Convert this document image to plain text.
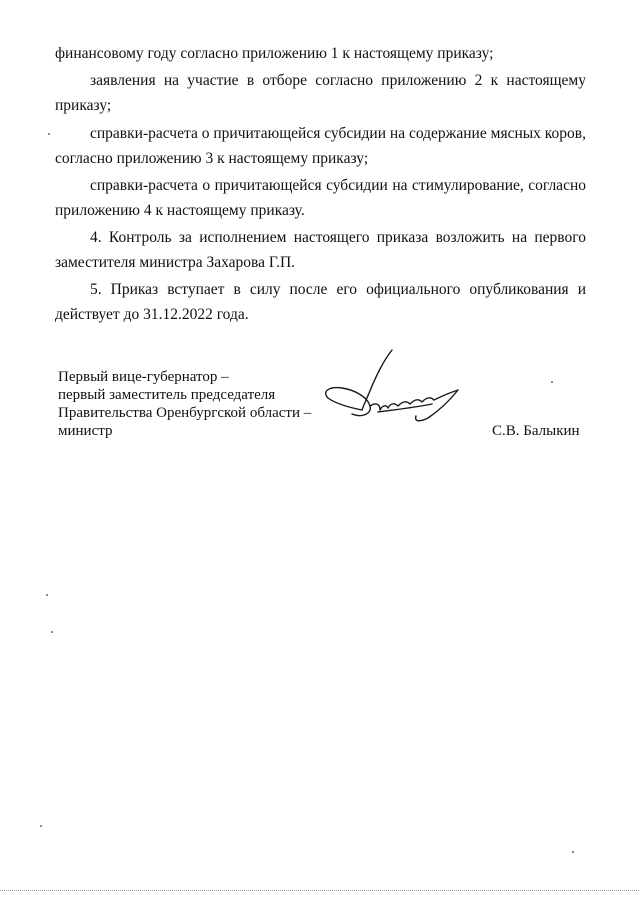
финансовому году согласно приложению 1 к настоящему приказу;
заявления на участие в отборе согласно приложению 2 к настоящему
приказу;
справки-расчета о причитающейся субсидии на содержание мясных коров,
согласно приложению 3 к настоящему приказу;
справки-расчета о причитающейся субсидии на стимулирование, согласно
приложению 4 к настоящему приказу.
4. Контроль за исполнением настоящего приказа возложить на первого
заместителя министра Захарова Г.П.
5. Приказ вступает в силу после его официального опубликования и
действует до 31.12.2022 года.
Первый вице-губернатор –
первый заместитель председателя
Правительства Оренбургской области –
министр	С.В. Балыкин
